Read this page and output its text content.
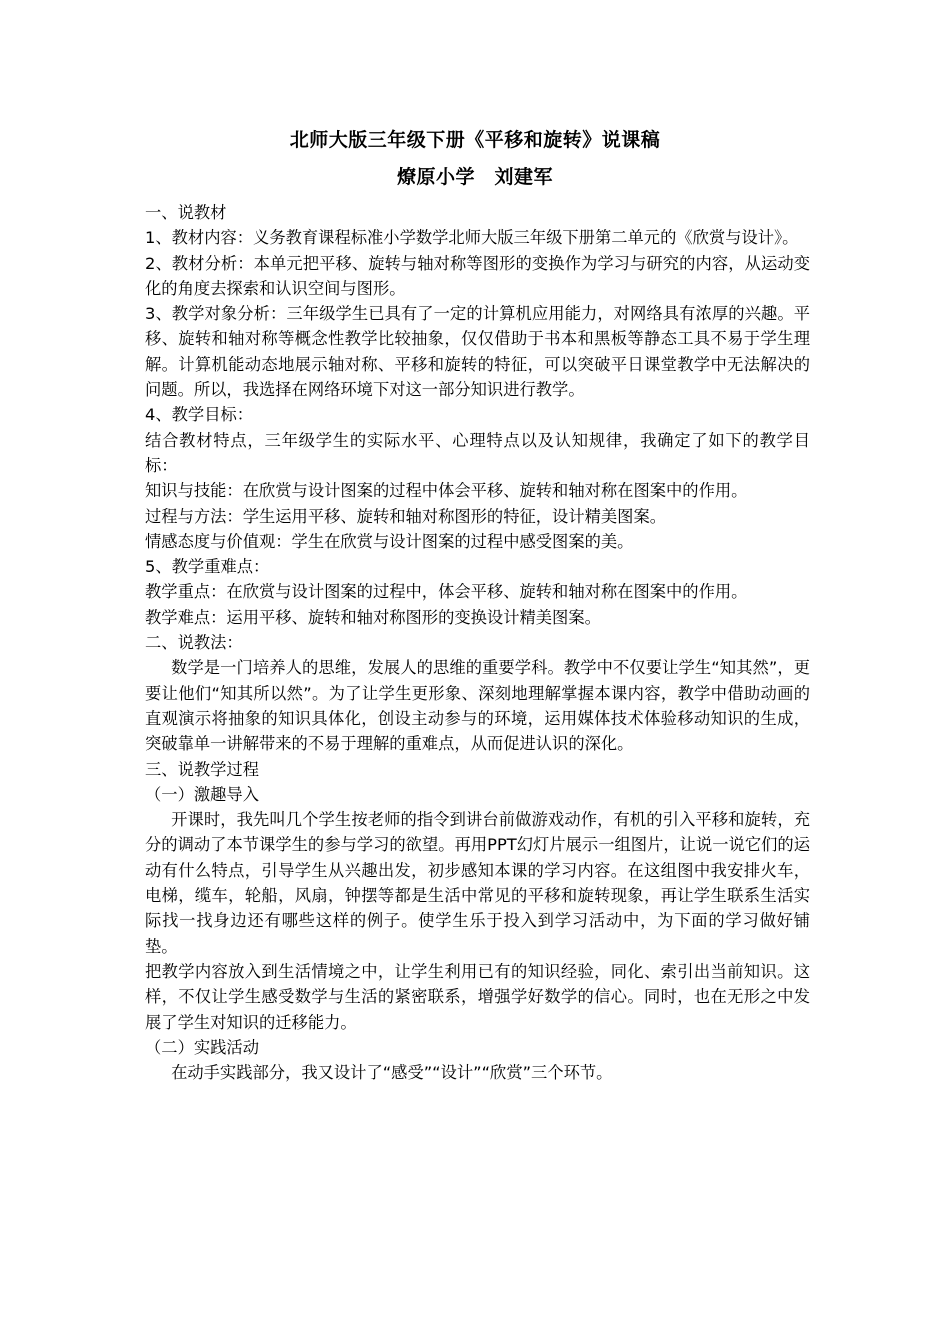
北师大版三年级下册《平移和旋转》说课稿
燎原小学　刘建军

一、说教材

1、教材内容：义务教育课程标准小学数学北师大版三年级下册第二单元的《欣赏与设计》。

2、教材分析：本单元把平移、旋转与轴对称等图形的变换作为学习与研究的内容，从运动变化的角度去探索和认识空间与图形。

3、教学对象分析：三年级学生已具有了一定的计算机应用能力，对网络具有浓厚的兴趣。平移、旋转和轴对称等概念性教学比较抽象，仅仅借助于书本和黑板等静态工具不易于学生理解。计算机能动态地展示轴对称、平移和旋转的特征，可以突破平日课堂教学中无法解决的问题。所以，我选择在网络环境下对这一部分知识进行教学。

4、教学目标：

结合教材特点，三年级学生的实际水平、心理特点以及认知规律，我确定了如下的教学目标：

知识与技能：在欣赏与设计图案的过程中体会平移、旋转和轴对称在图案中的作用。

过程与方法：学生运用平移、旋转和轴对称图形的特征，设计精美图案。

情感态度与价值观：学生在欣赏与设计图案的过程中感受图案的美。

5、教学重难点：

教学重点：在欣赏与设计图案的过程中，体会平移、旋转和轴对称在图案中的作用。

教学难点：运用平移、旋转和轴对称图形的变换设计精美图案。

二、说教法：

数学是一门培养人的思维，发展人的思维的重要学科。教学中不仅要让学生“知其然”，更要让他们“知其所以然”。为了让学生更形象、深刻地理解掌握本课内容，教学中借助动画的直观演示将抽象的知识具体化，创设主动参与的环境，运用媒体技术体验移动知识的生成，突破靠单一讲解带来的不易于理解的重难点，从而促进认识的深化。

三、说教学过程

（一）激趣导入

开课时，我先叫几个学生按老师的指令到讲台前做游戏动作，有机的引入平移和旋转，充分的调动了本节课学生的参与学习的欲望。再用PPT幻灯片展示一组图片，让说一说它们的运动有什么特点，引导学生从兴趣出发，初步感知本课的学习内容。在这组图中我安排火车，电梯，缆车，轮船，风扇，钟摆等都是生活中常见的平移和旋转现象，再让学生联系生活实际找一找身边还有哪些这样的例子。使学生乐于投入到学习活动中，为下面的学习做好铺垫。

把教学内容放入到生活情境之中，让学生利用已有的知识经验，同化、索引出当前知识。这样，不仅让学生感受数学与生活的紧密联系，增强学好数学的信心。同时，也在无形之中发展了学生对知识的迁移能力。

（二）实践活动

在动手实践部分，我又设计了“感受”“设计”“欣赏”三个环节。
